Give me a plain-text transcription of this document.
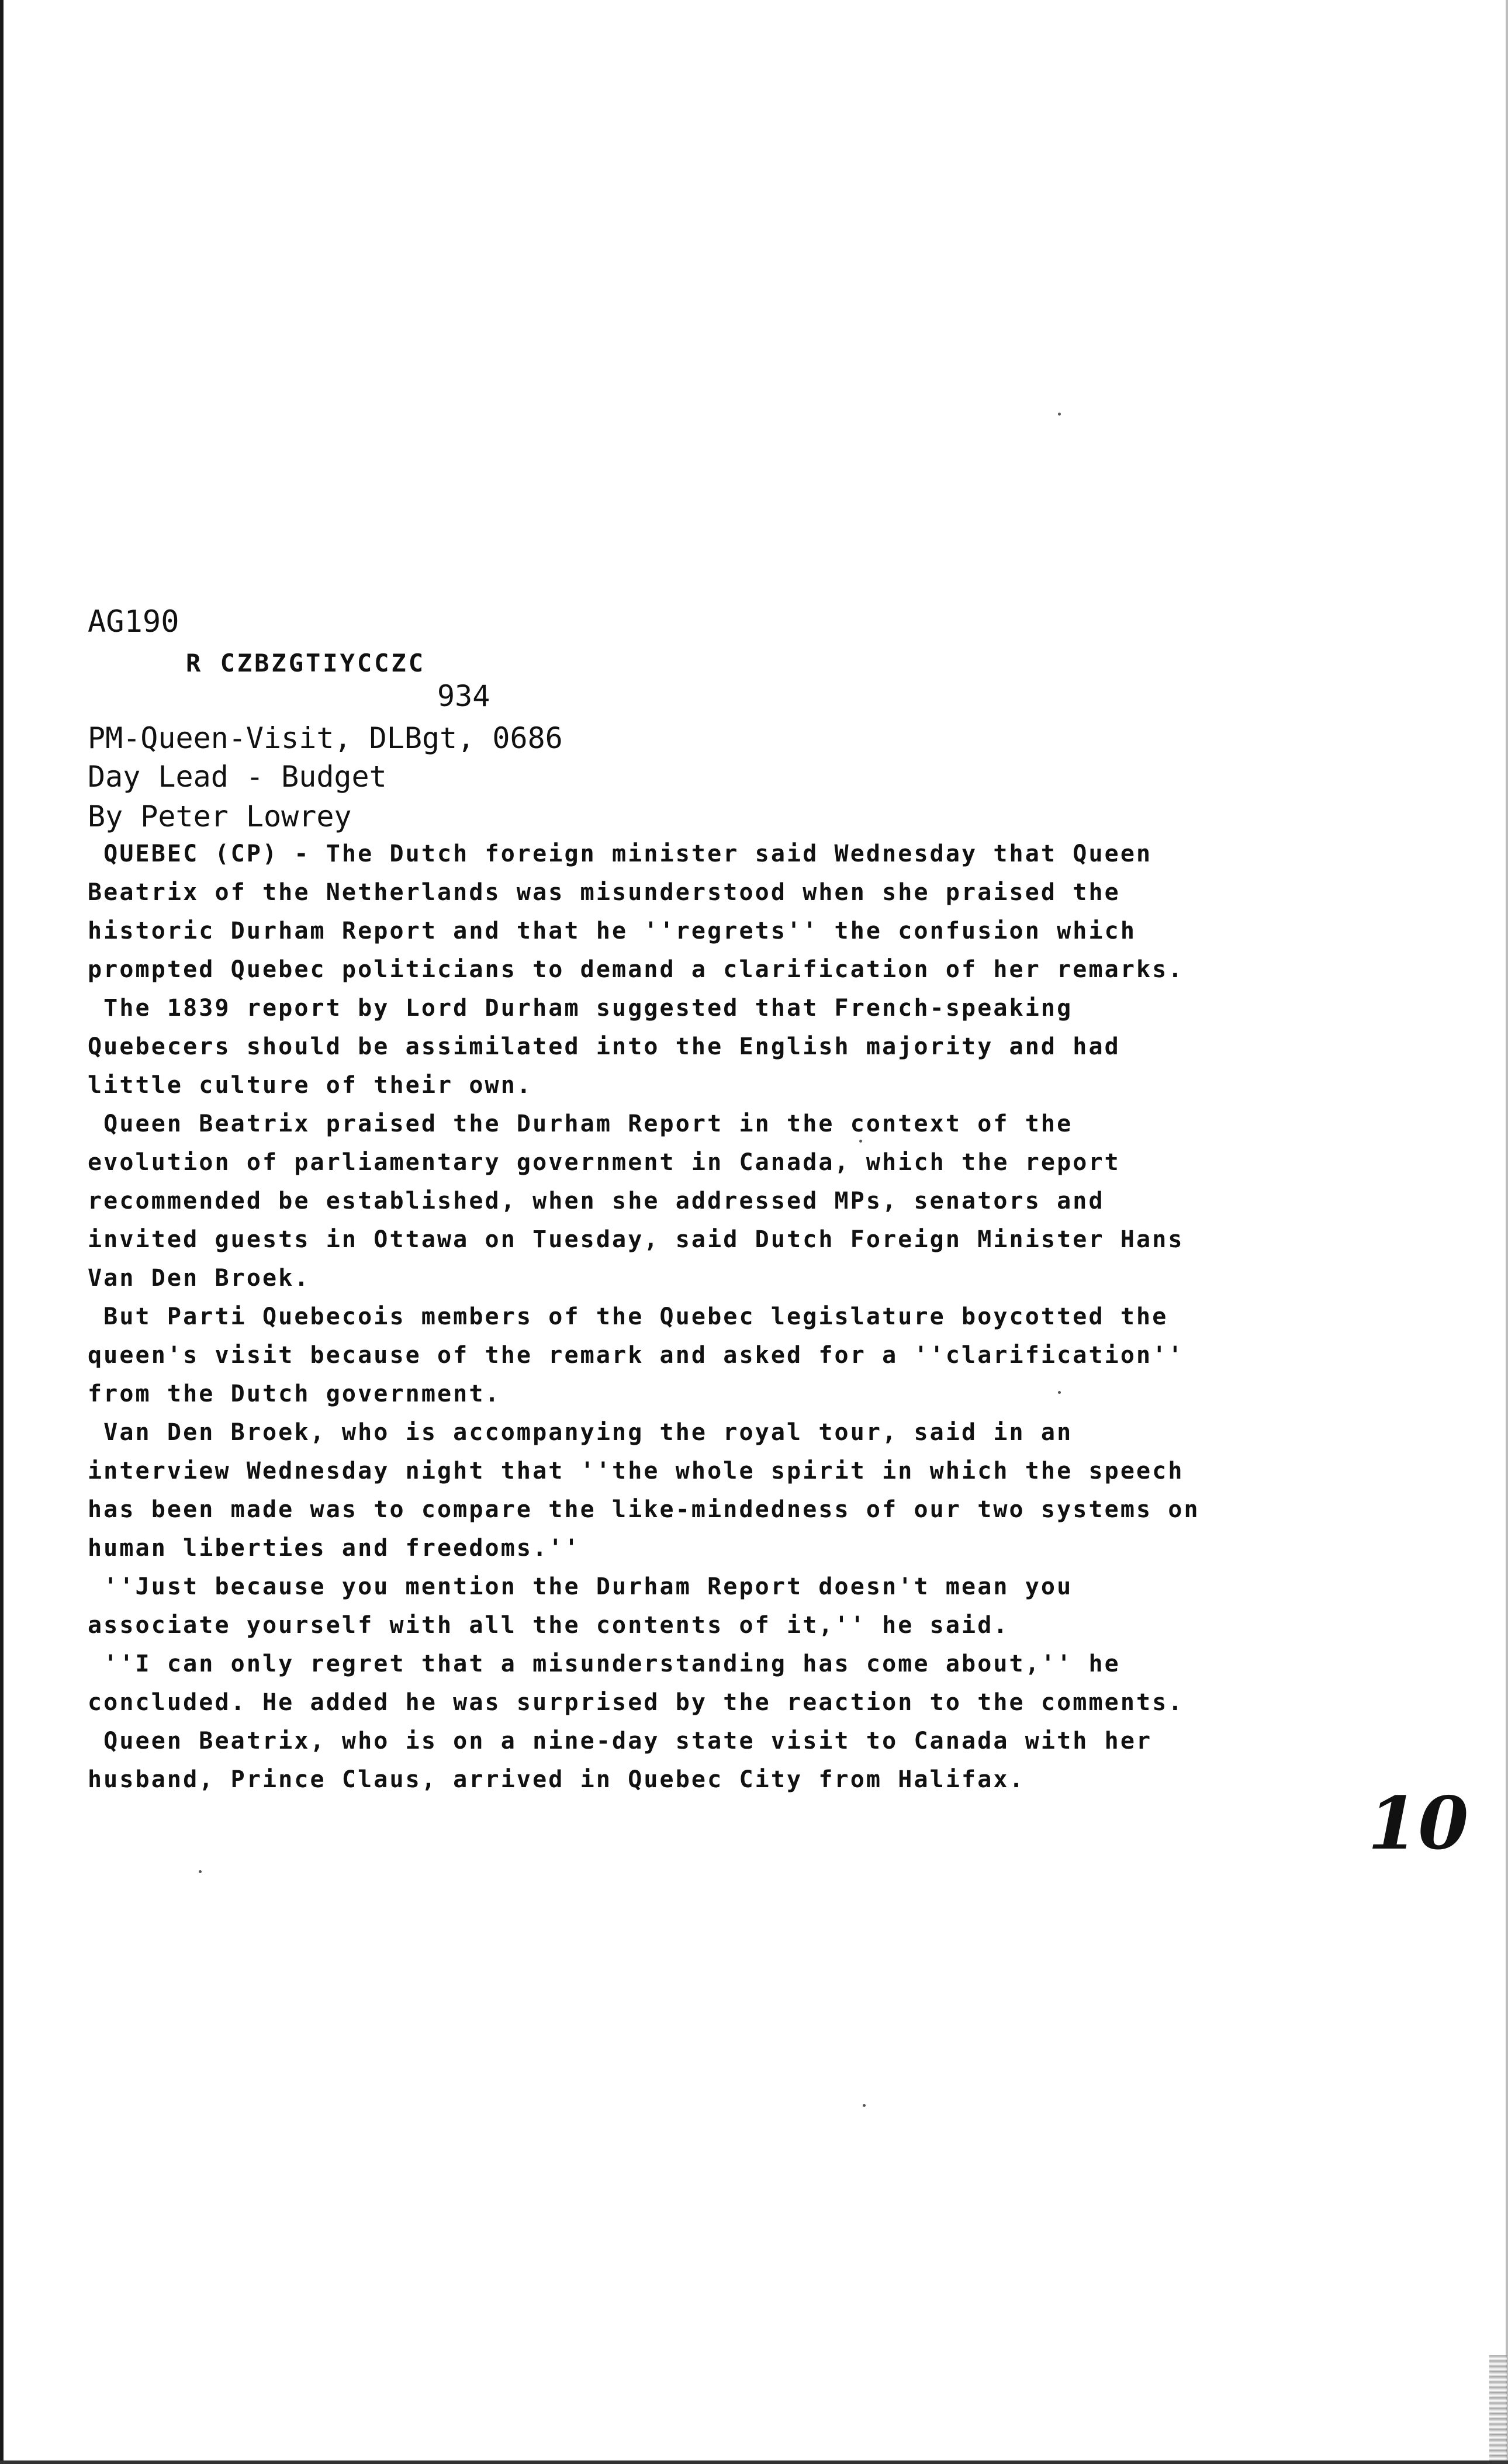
AG190
R CZBZGTIYCCZC
934
PM-Queen-Visit, DLBgt, 0686
Day Lead - Budget
By Peter Lowrey
QUEBEC (CP) - The Dutch foreign minister said Wednesday that Queen
Beatrix of the Netherlands was misunderstood when she praised the
historic Durham Report and that he ''regrets'' the confusion which
prompted Quebec politicians to demand a clarification of her remarks.
The 1839 report by Lord Durham suggested that French-speaking
Quebecers should be assimilated into the English majority and had
little culture of their own.
Queen Beatrix praised the Durham Report in the context of the
evolution of parliamentary government in Canada, which the report
recommended be established, when she addressed MPs, senators and
invited guests in Ottawa on Tuesday, said Dutch Foreign Minister Hans
Van Den Broek.
But Parti Quebecois members of the Quebec legislature boycotted the
queen's visit because of the remark and asked for a ''clarification''
from the Dutch government.
Van Den Broek, who is accompanying the royal tour, said in an
interview Wednesday night that ''the whole spirit in which the speech
has been made was to compare the like-mindedness of our two systems on
human liberties and freedoms.''
''Just because you mention the Durham Report doesn't mean you
associate yourself with all the contents of it,'' he said.
''I can only regret that a misunderstanding has come about,'' he
concluded. He added he was surprised by the reaction to the comments.
Queen Beatrix, who is on a nine-day state visit to Canada with her
husband, Prince Claus, arrived in Quebec City from Halifax.
10
